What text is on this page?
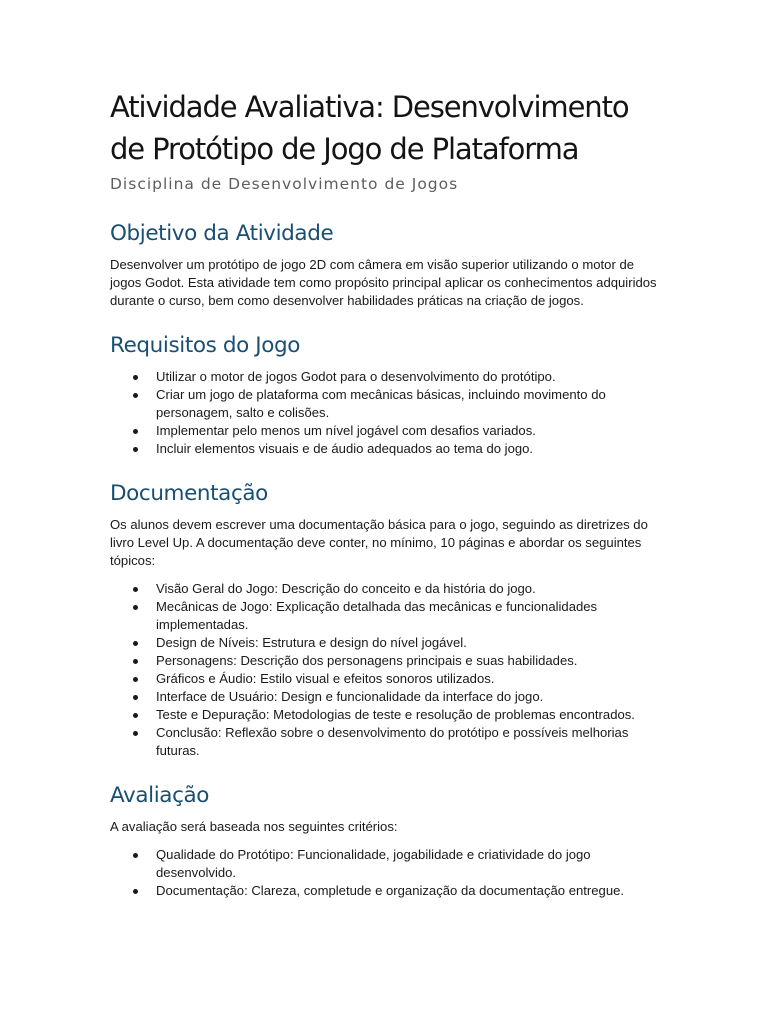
Atividade Avaliativa: Desenvolvimento
de Protótipo de Jogo de Plataforma

Disciplina de Desenvolvimento de Jogos

Objetivo da Atividade

Desenvolver um protótipo de jogo 2D com câmera em visão superior utilizando o motor de jogos Godot. Esta atividade tem como propósito principal aplicar os conhecimentos adquiridos durante o curso, bem como desenvolver habilidades práticas na criação de jogos.

Requisitos do Jogo
Utilizar o motor de jogos Godot para o desenvolvimento do protótipo.
Criar um jogo de plataforma com mecânicas básicas, incluindo movimento do personagem, salto e colisões.
Implementar pelo menos um nível jogável com desafios variados.
Incluir elementos visuais e de áudio adequados ao tema do jogo.
Documentação

Os alunos devem escrever uma documentação básica para o jogo, seguindo as diretrizes do livro Level Up. A documentação deve conter, no mínimo, 10 páginas e abordar os seguintes tópicos:

Visão Geral do Jogo: Descrição do conceito e da história do jogo.
Mecânicas de Jogo: Explicação detalhada das mecânicas e funcionalidades implementadas.
Design de Níveis: Estrutura e design do nível jogável.
Personagens: Descrição dos personagens principais e suas habilidades.
Gráficos e Áudio: Estilo visual e efeitos sonoros utilizados.
Interface de Usuário: Design e funcionalidade da interface do jogo.
Teste e Depuração: Metodologias de teste e resolução de problemas encontrados.
Conclusão: Reflexão sobre o desenvolvimento do protótipo e possíveis melhorias futuras.
Avaliação

A avaliação será baseada nos seguintes critérios:

Qualidade do Protótipo: Funcionalidade, jogabilidade e criatividade do jogo desenvolvido.
Documentação: Clareza, completude e organização da documentação entregue.
